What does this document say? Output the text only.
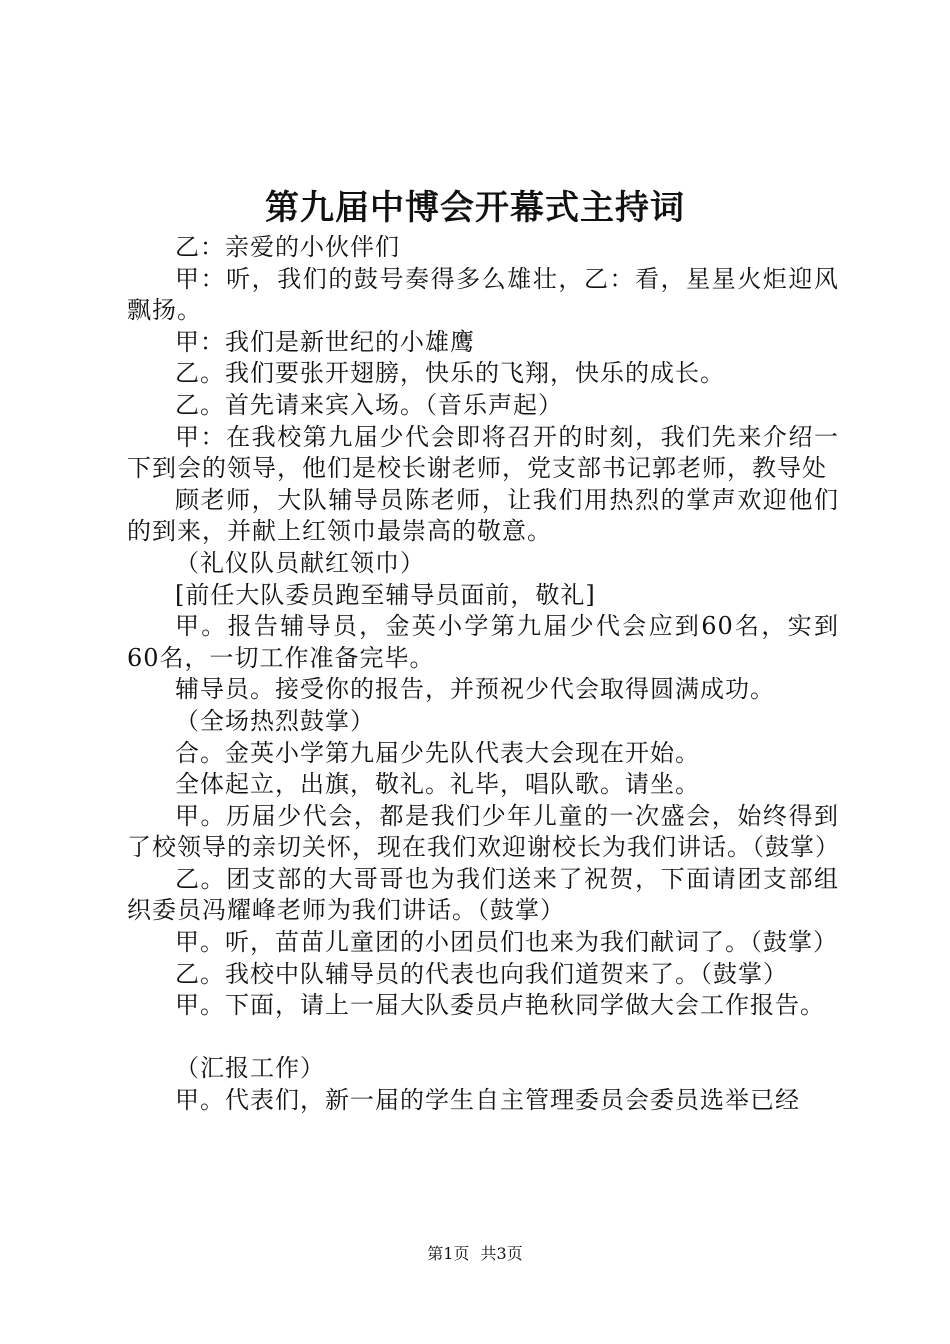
第九届中博会开幕式主持词

乙：亲爱的小伙伴们

甲：听，我们的鼓号奏得多么雄壮，乙：看，星星火炬迎风飘扬。

甲：我们是新世纪的小雄鹰

乙。我们要张开翅膀，快乐的飞翔，快乐的成长。

乙。首先请来宾入场。（音乐声起）

甲：在我校第九届少代会即将召开的时刻，我们先来介绍一下到会的领导，他们是校长谢老师，党支部书记郭老师，教导处

顾老师，大队辅导员陈老师，让我们用热烈的掌声欢迎他们的到来，并献上红领巾最崇高的敬意。

（礼仪队员献红领巾）

[前任大队委员跑至辅导员面前，敬礼]

甲。报告辅导员，金英小学第九届少代会应到60名，实到60名，一切工作准备完毕。

辅导员。接受你的报告，并预祝少代会取得圆满成功。

（全场热烈鼓掌）

合。金英小学第九届少先队代表大会现在开始。

全体起立，出旗，敬礼。礼毕，唱队歌。请坐。

甲。历届少代会，都是我们少年儿童的一次盛会，始终得到了校领导的亲切关怀，现在我们欢迎谢校长为我们讲话。（鼓掌）

乙。团支部的大哥哥也为我们送来了祝贺，下面请团支部组织委员冯耀峰老师为我们讲话。（鼓掌）

甲。听，苗苗儿童团的小团员们也来为我们献词了。（鼓掌）

乙。我校中队辅导员的代表也向我们道贺来了。（鼓掌）

甲。下面，请上一届大队委员卢艳秋同学做大会工作报告。

（汇报工作）

甲。代表们，新一届的学生自主管理委员会委员选举已经

第1页 共3页
